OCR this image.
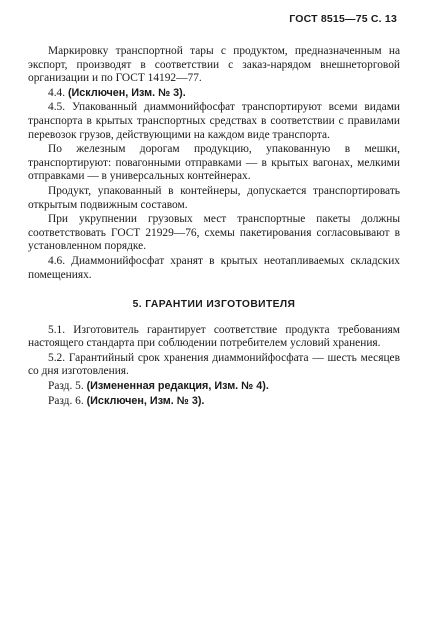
ГОСТ 8515—75 С. 13

Маркировку транспортной тары с продуктом, предназначенным на экспорт, производят в соответствии с заказ-нарядом внешнеторговой организации и по ГОСТ 14192—77.

4.4. (Исключен, Изм. № 3).

4.5. Упакованный диаммонийфосфат транспортируют всеми видами транспорта в крытых транспортных средствах в соответствии с правилами перевозок грузов, действующими на каждом виде транспорта.

По железным дорогам продукцию, упакованную в мешки, транспортируют: повагонными отправками — в крытых вагонах, мелкими отправками — в универсальных контейнерах.

Продукт, упакованный в контейнеры, допускается транспортировать открытым подвижным составом.

При укрупнении грузовых мест транспортные пакеты должны соответствовать ГОСТ 21929—76, схемы пакетирования согласовывают в установленном порядке.

4.6. Диаммонийфосфат хранят в крытых неотапливаемых складских помещениях.

5. ГАРАНТИИ ИЗГОТОВИТЕЛЯ

5.1. Изготовитель гарантирует соответствие продукта требованиям настоящего стандарта при соблюдении потребителем условий хранения.

5.2. Гарантийный срок хранения диаммонийфосфата — шесть месяцев со дня изготовления.

Разд. 5. (Измененная редакция, Изм. № 4).

Разд. 6. (Исключен, Изм. № 3).
